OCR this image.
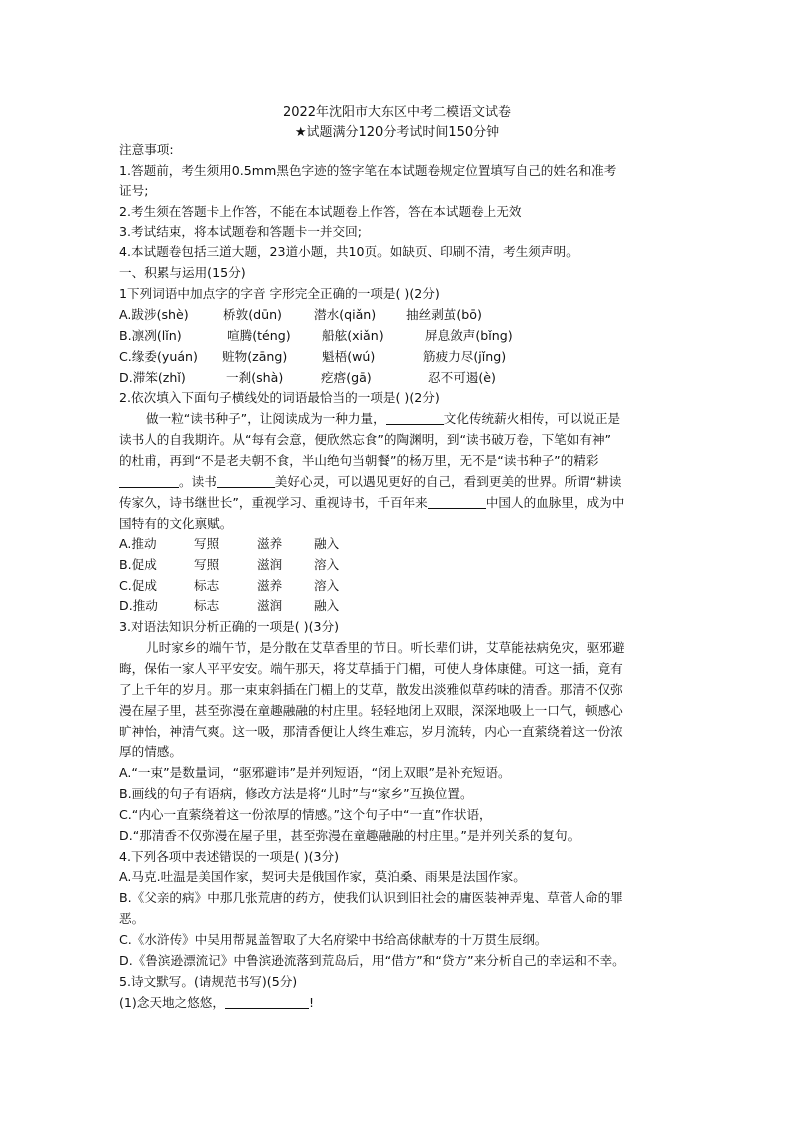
2022年沈阳市大东区中考二模语文试卷
★试题满分120分考试时间150分钟
注意事项:
1.答题前，考生须用0.5mm黑色字迹的签字笔在本试题卷规定位置填写自己的姓名和准考
证号;
2.考生须在答题卡上作答，不能在本试题卷上作答，答在本试题卷上无效
3.考试结束，将本试题卷和答题卡一并交回;
4.本试题卷包括三道大题，23道小题，共10页。如缺页、印刷不清，考生须声明。
一、积累与运用(15分)
1下列词语中加点字的字音 字形完全正确的一项是( )(2分)
A.跋涉(shè)	桥敦(dūn)	潜水(qiǎn) 抽丝剥茧(bō)
B.凛冽(lǐn)	喧腾(téng) 船舷(xiǎn)	屏息敛声(bǐng)
C.缘委(yuán) 赃物(zāng)	魁梧(wú)	筋疲力尽(jǐng)
D.滞笨(zhǐ)	一刹(shà)	疙瘩(gā)	忍不可遏(è)
2.依次填入下面句子横线处的词语最恰当的一项是( )(2分)
做一粒“读书种子”，让阅读成为一种力量，	文化传统薪火相传，可以说正是
读书人的自我期许。从“每有会意，便欣然忘食”的陶渊明，到“读书破万卷，下笔如有神”
的杜甫，再到“不是老夫朝不食，半山绝句当朝餐”的杨万里，无不是“读书种子”的精彩
。读书	美好心灵，可以遇见更好的自己，看到更美的世界。所谓“耕读
传家久，诗书继世长”，重视学习、重视诗书，千百年来	中国人的血脉里，成为中
国特有的文化禀赋。
A.推动	写照	滋养	融入
B.促成	写照	滋润	溶入
C.促成	标志	滋养	溶入
D.推动	标志	滋润	融入
3.对语法知识分析正确的一项是( )(3分)
儿时家乡的端午节，是分散在艾草香里的节日。听长辈们讲，艾草能祛病免灾，驱邪避
晦，保佑一家人平平安安。端午那天，将艾草插于门楣，可使人身体康健。可这一插，竟有
了上千年的岁月。那一束束斜插在门楣上的艾草，散发出淡雅似草药味的清香。那清不仅弥
漫在屋子里，甚至弥漫在童趣融融的村庄里。轻轻地闭上双眼，深深地吸上一口气，顿感心
旷神怡，神清气爽。这一吸，那清香便让人终生难忘，岁月流转，内心一直萦绕着这一份浓
厚的情感。
A.“一束”是数量词，“驱邪避讳”是并列短语，“闭上双眼”是补充短语。
B.画线的句子有语病，修改方法是将“儿时”与“家乡”互换位置。
C.“内心一直萦绕着这一份浓厚的情感。”这个句子中“一直”作状语，
D.“那清香不仅弥漫在屋子里，甚至弥漫在童趣融融的村庄里。”是并列关系的复句。
4.下列各项中表述错误的一项是( )(3分)
A.马克.吐温是美国作家，契诃夫是俄国作家，莫泊桑、雨果是法国作家。
B.《父亲的病》中那几张荒唐的药方，使我们认识到旧社会的庸医装神弄鬼、草菅人命的罪
恶。
C.《水浒传》中吴用帮晁盖智取了大名府梁中书给高俅献寿的十万贯生辰纲。
D.《鲁滨逊漂流记》中鲁滨逊流落到荒岛后，用“借方”和“贷方”来分析自己的幸运和不幸。
5.诗文默写。(请规范书写)(5分)
(1)念天地之悠悠，	!
